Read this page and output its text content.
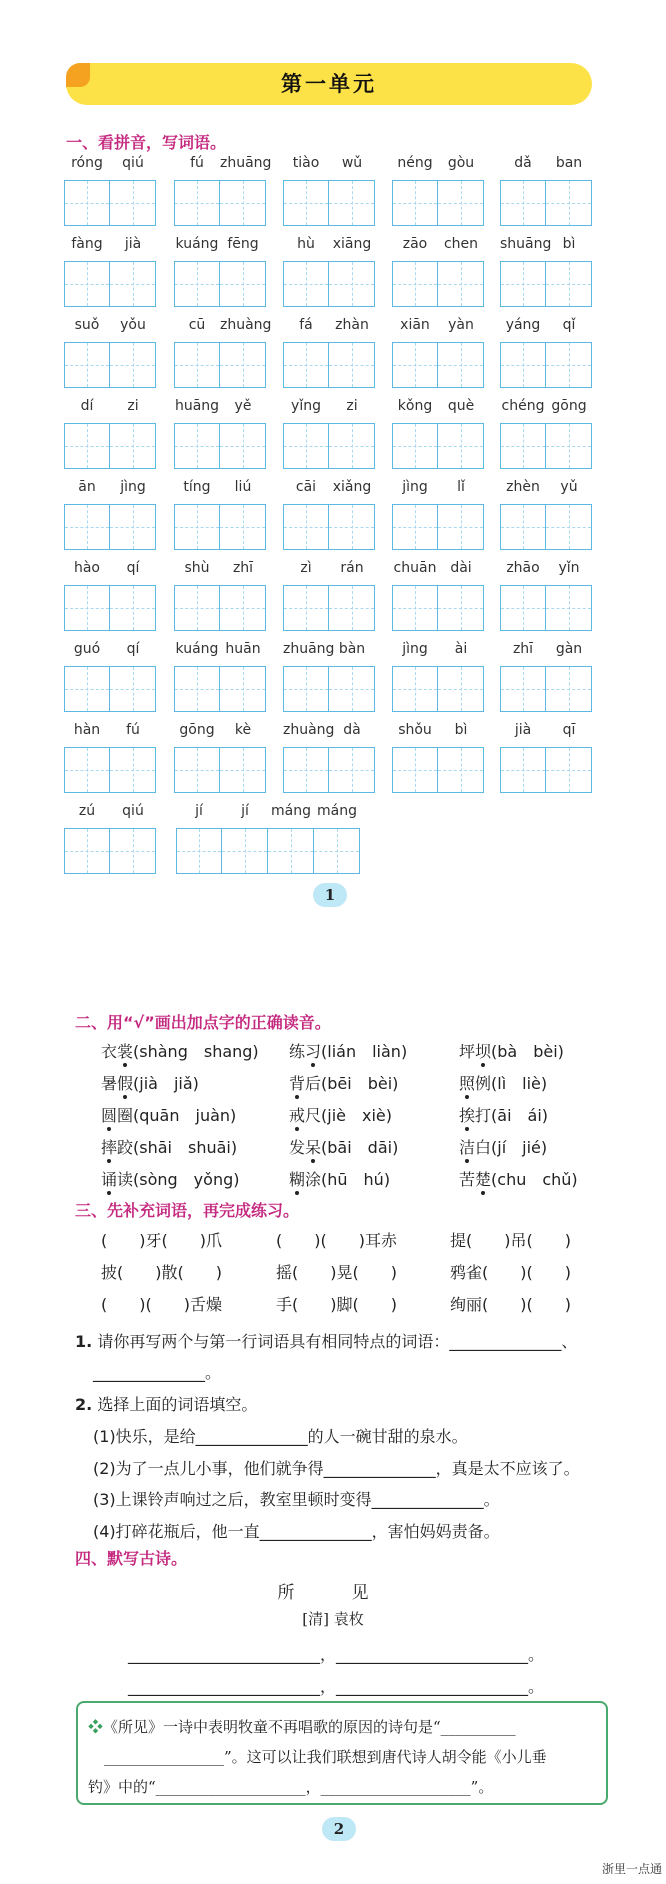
第一单元
一、看拼音，写词语。
róng	qiú	fú	zhuāng	tiào	wǔ	néng	gòu	dǎ	ban
fàng	jià	kuáng fēng	hù	xiāng	zāo	chen	shuāng bì
suǒ	yǒu	cū	zhuàng	fá	zhàn	xiān	yàn	yáng	qǐ
dí	zi	huāng	yě	yǐng	zi	kǒng	què	chéng gōng
ān	jìng	tíng	liú	cāi	xiǎng	jìng	lǐ	zhèn	yǔ
hào	qí	shù	zhī	zì	rán	chuān dài	zhāo	yǐn
guó	qí	kuáng huān	zhuāng bàn	jìng	ài	zhī	gàn
hàn	fú	gōng	kè	zhuàng dà	shǒu	bì	jià	qī
zú	qiú	jí	jí	máng máng
1
二、用“√”画出加点字的正确读音。
衣裳(shàng　shang) 练习(lián　liàn)	坪坝(bà　bèi)
暑假(jià　jiǎ)	背后(bēi　bèi)	照例(lì　liè)
圆圈(quān　juàn)	戒尺(jiè　xiè)	挨打(āi　ái)
摔跤(shāi　shuāi)	发呆(bāi　dāi)	洁白(jí　jié)
诵读(sòng　yǒng)	糊涂(hū　hú)	苦楚(chu　chǔ)
三、先补充词语，再完成练习。
(　　)牙(　　)爪	(　　)(　　)耳赤	提(　　)吊(　　)
披(　　)散(　　)	摇(　　)晃(　　)	鸦雀(　　)(　　)
(　　)(　　)舌燥	手(　　)脚(　　)	绚丽(　　)(　　)
1. 请你再写两个与第一行词语具有相同特点的词语：______________、
______________。
2. 选择上面的词语填空。
(1)快乐，是给______________的人一碗甘甜的泉水。
(2)为了一点儿小事，他们就争得______________，真是太不应该了。
(3)上课铃声响过之后，教室里顿时变得______________。
(4)打碎花瓶后，他一直______________，害怕妈妈责备。
四、默写古诗。
所　见
[清] 袁枚
________________________，________________________。
________________________，________________________。
❖《所见》一诗中表明牧童不再唱歌的原因的诗句是“__________
________________”。这可以让我们联想到唐代诗人胡令能《小儿垂
钓》中的“____________________，____________________”。
2
浙里一点通
